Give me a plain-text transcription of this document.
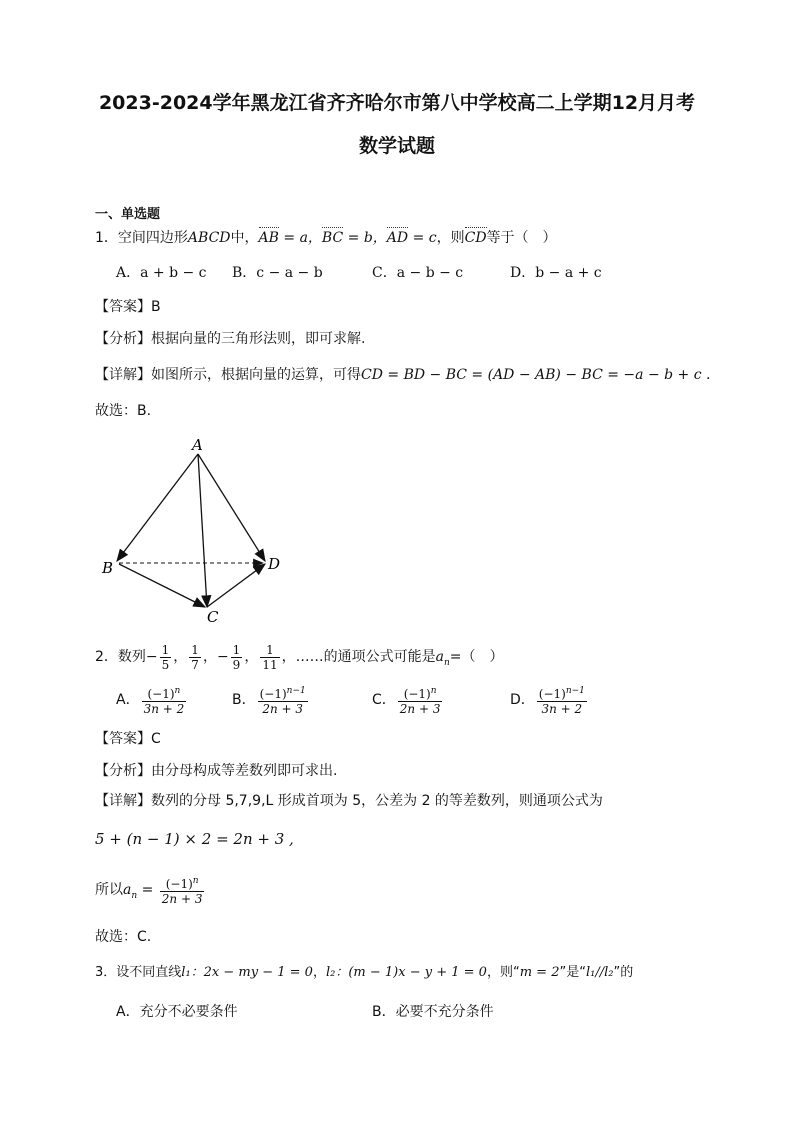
2023-2024学年黑龙江省齐齐哈尔市第八中学校高二上学期12月月考
数学试题
一、单选题
1．空间四边形ABCD中，AB = a，BC = b，AD = c，则CD等于（　）
A．a + b − c B．c − a − b	C．a − b − c	D．b − a + c
【答案】B
【分析】根据向量的三角形法则，即可求解.
【详解】如图所示，根据向量的运算，可得CD = BD − BC = (AD − AB) − BC = −a − b + c .
故选：B.
A
B
C
D
2．数列− $\frac{1}{5}$ ， $\frac{1}{7}$ ，− $\frac{1}{9}$ ， $\frac{1}{11}$ ，……的通项公式可能是$a_n=$（　）
A． $\frac{(-1)^n}{3n + 2}$	B． $\frac{(-1)^{n-1}}{2n + 3}$	C． $\frac{(-1)^n}{2n + 3}$	D． $\frac{(-1)^{n-1}}{3n + 2}$
【答案】C
【分析】由分母构成等差数列即可求出.
【详解】数列的分母 5,7,9,L 形成首项为 5，公差为 2 的等差数列，则通项公式为
5 + (n − 1) × 2 = 2n + 3 ,
所以$a_n = \frac{(-1)^n}{2n + 3}$
故选：C.
3．设不同直线l₁：2x − my − 1 = 0，l₂：(m − 1)x − y + 1 = 0，则“m = 2”是“l₁//l₂”的
A．充分不必要条件	B．必要不充分条件
